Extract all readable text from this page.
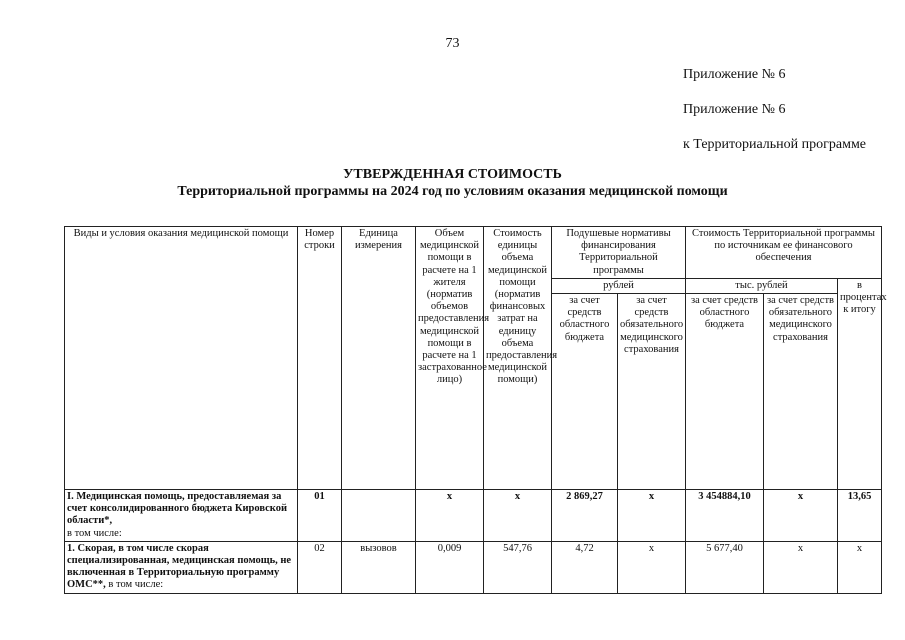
73
Приложение № 6
Приложение № 6
к Территориальной программе
УТВЕРЖДЕННАЯ СТОИМОСТЬ
Территориальной программы на 2024 год по условиям оказания медицинской помощи
Виды и условия оказания медицинской помощи	Номер строки	Единица измерения	Объем медицинской помощи в расчете на 1 жителя (норматив объемов предоставления медицинской помощи в расчете на 1 застрахованное лицо)	Стоимость единицы объема медицинской помощи (норматив финансовых затрат на единицу объема предоставления медицинской помощи)	Подушевые нормативы финансирования Территориальной программы		Стоимость Территориальной программы по источникам ее финансового обеспечения		
					рублей		тыс. рублей		в процентах к итогу
					за счет средств областного бюджета	за счет средств обязательного медицинского страхования	за счет средств областного бюджета	за счет средств обязательного медицинского страхования	
I. Медицинская помощь, предоставляемая за счет консолидированного бюджета Кировской области*,
в том числе:	01		х	х	2 869,27	х	3 454884,10	х	13,65
1. Скорая, в том числе скорая специализированная, медицинская помощь, не включенная в Территориальную программу ОМС**, в том числе:	02	вызовов	0,009	547,76	4,72	х	5 677,40	х	х
